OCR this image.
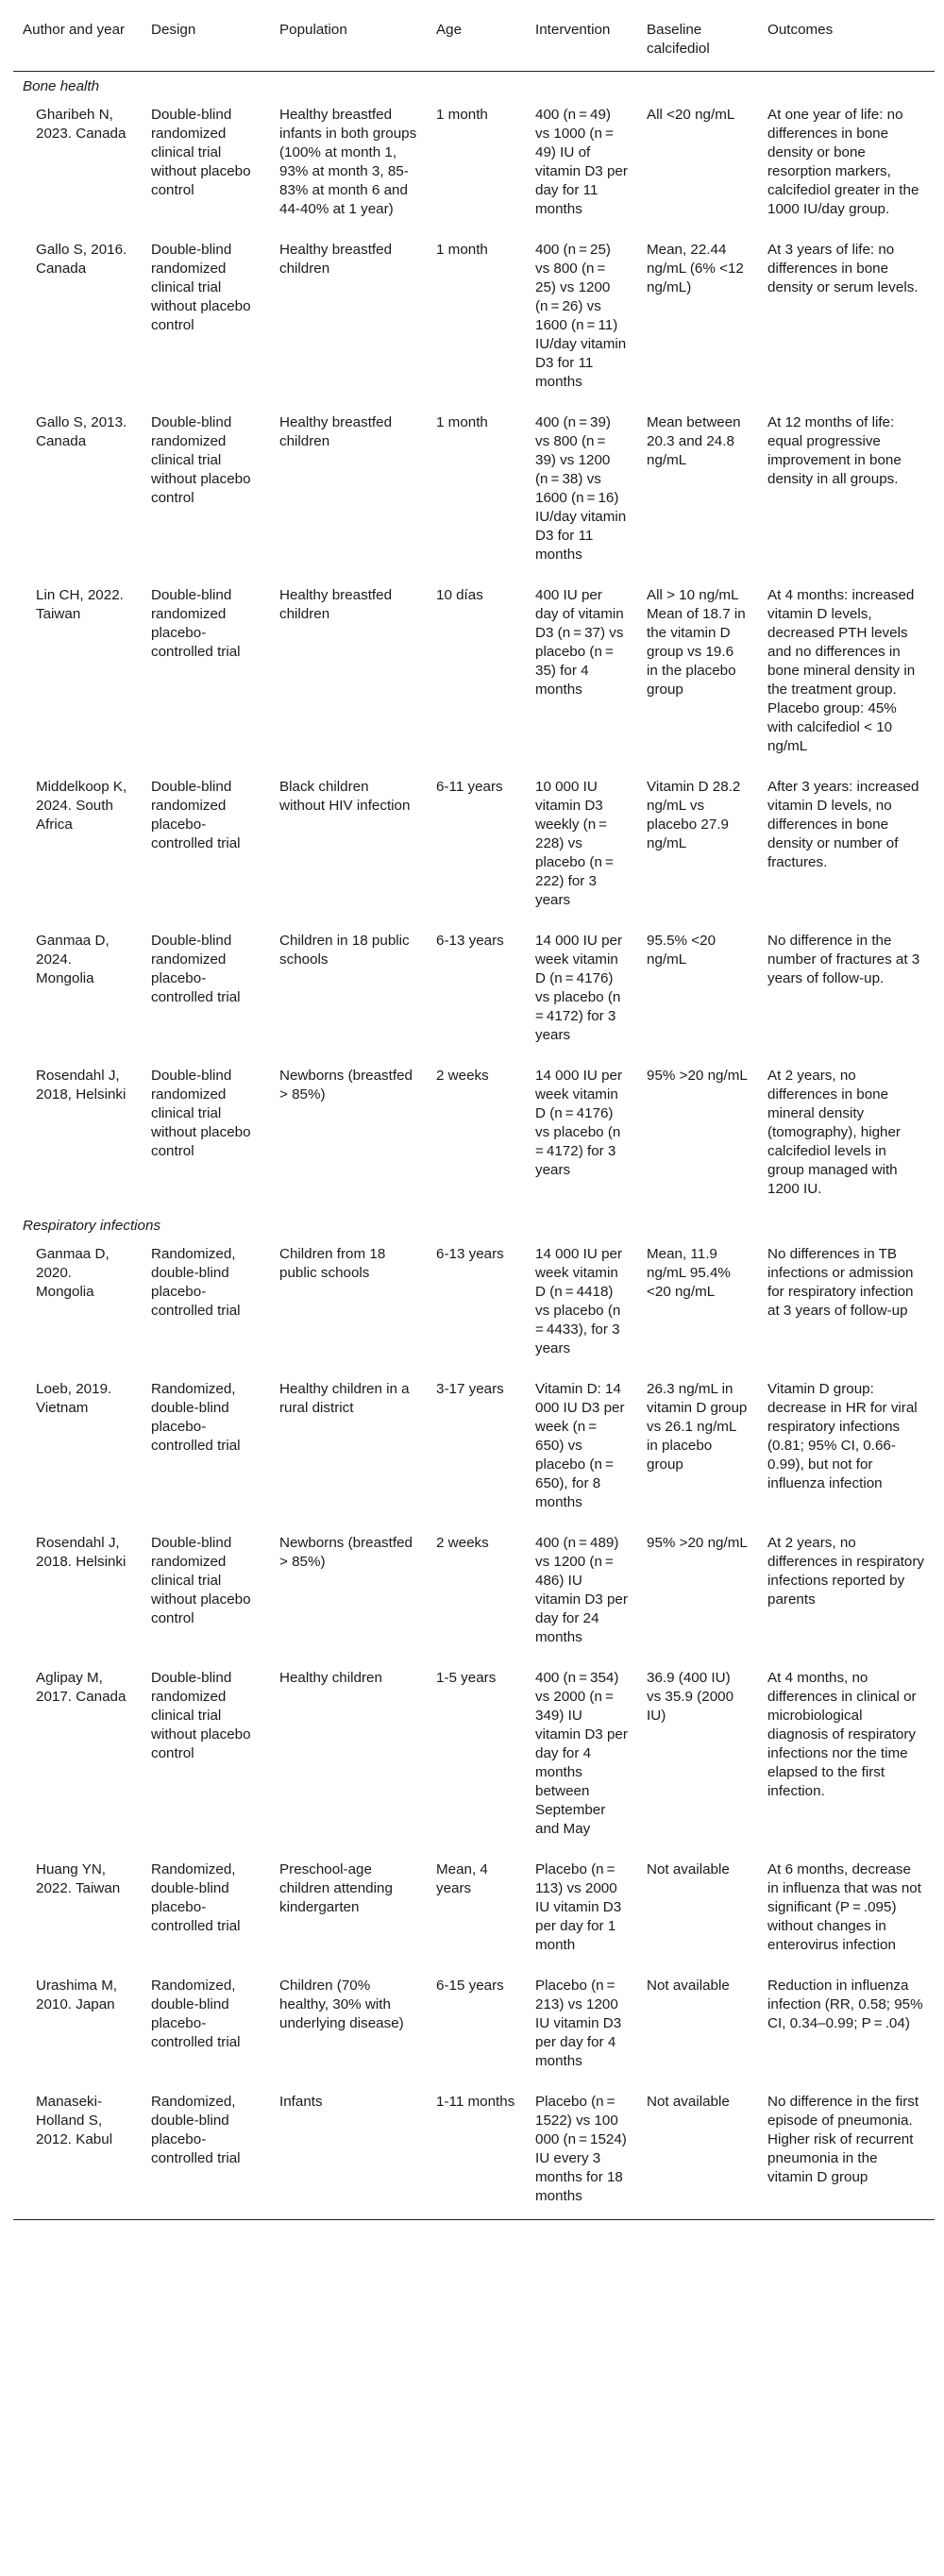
Author and year	Design	Population	Age	Intervention	Baseline calcifediol	Outcomes
Bone health						
Gharibeh N, 2023. Canada	Double-blind randomized clinical trial without placebo control	Healthy breastfed infants in both groups (100% at month 1, 93% at month 3, 85-83% at month 6 and 44-40% at 1 year)	1 month	400 (n = 49) vs 1000 (n = 49) IU of vitamin D3 per day for 11 months	All <20 ng/mL	At one year of life: no differences in bone density or bone resorption markers, calcifediol greater in the 1000 IU/day group.
Gallo S, 2016. Canada	Double-blind randomized clinical trial without placebo control	Healthy breastfed children	1 month	400 (n = 25) vs 800 (n = 25) vs 1200 (n = 26) vs 1600 (n = 11) IU/day vitamin D3 for 11 months	Mean, 22.44 ng/mL (6% <12 ng/mL)	At 3 years of life: no differences in bone density or serum levels.
Gallo S, 2013. Canada	Double-blind randomized clinical trial without placebo control	Healthy breastfed children	1 month	400 (n = 39) vs 800 (n = 39) vs 1200 (n = 38) vs 1600 (n = 16) IU/day vitamin D3 for 11 months	Mean between 20.3 and 24.8 ng/mL	At 12 months of life: equal progressive improvement in bone density in all groups.
Lin CH, 2022. Taiwan	Double-blind randomized placebo-controlled trial	Healthy breastfed children	10 días	400 IU per day of vitamin D3 (n = 37) vs placebo (n = 35) for 4 months	All > 10 ng/mL Mean of 18.7 in the vitamin D group vs 19.6 in the placebo group	At 4 months: increased vitamin D levels, decreased PTH levels and no differences in bone mineral density in the treatment group. Placebo group: 45% with calcifediol < 10 ng/mL
Middelkoop K, 2024. South Africa	Double-blind randomized placebo-controlled trial	Black children without HIV infection	6-11 years	10 000 IU vitamin D3 weekly (n = 228) vs placebo (n = 222) for 3 years	Vitamin D 28.2 ng/mL vs placebo 27.9 ng/mL	After 3 years: increased vitamin D levels, no differences in bone density or number of fractures.
Ganmaa D, 2024. Mongolia	Double-blind randomized placebo-controlled trial	Children in 18 public schools	6-13 years	14 000 IU per week vitamin D (n = 4176) vs placebo (n = 4172) for 3 years	95.5% <20 ng/mL	No difference in the number of fractures at 3 years of follow-up.
Rosendahl J, 2018, Helsinki	Double-blind randomized clinical trial without placebo control	Newborns (breastfed > 85%)	2 weeks	14 000 IU per week vitamin D (n = 4176) vs placebo (n = 4172) for 3 years	95% >20 ng/mL	At 2 years, no differences in bone mineral density (tomography), higher calcifediol levels in group managed with 1200 IU.
Respiratory infections						
Ganmaa D, 2020. Mongolia	Randomized, double-blind placebo-controlled trial	Children from 18 public schools	6-13 years	14 000 IU per week vitamin D (n = 4418) vs placebo (n = 4433), for 3 years	Mean, 11.9 ng/mL 95.4% <20 ng/mL	No differences in TB infections or admission for respiratory infection at 3 years of follow-up
Loeb, 2019. Vietnam	Randomized, double-blind placebo-controlled trial	Healthy children in a rural district	3-17 years	Vitamin D: 14 000 IU D3 per week (n = 650) vs placebo (n = 650), for 8 months	26.3 ng/mL in vitamin D group vs 26.1 ng/mL in placebo group	Vitamin D group: decrease in HR for viral respiratory infections (0.81; 95% CI, 0.66-0.99), but not for influenza infection
Rosendahl J, 2018. Helsinki	Double-blind randomized clinical trial without placebo control	Newborns (breastfed > 85%)	2 weeks	400 (n = 489) vs 1200 (n = 486) IU vitamin D3 per day for 24 months	95% >20 ng/mL	At 2 years, no differences in respiratory infections reported by parents
Aglipay M, 2017. Canada	Double-blind randomized clinical trial without placebo control	Healthy children	1-5 years	400 (n = 354) vs 2000 (n = 349) IU vitamin D3 per day for 4 months between September and May	36.9 (400 IU) vs 35.9 (2000 IU)	At 4 months, no differences in clinical or microbiological diagnosis of respiratory infections nor the time elapsed to the first infection.
Huang YN, 2022. Taiwan	Randomized, double-blind placebo-controlled trial	Preschool-age children attending kindergarten	Mean, 4 years	Placebo (n = 113) vs 2000 IU vitamin D3 per day for 1 month	Not available	At 6 months, decrease in influenza that was not significant (P = .095) without changes in enterovirus infection
Urashima M, 2010. Japan	Randomized, double-blind placebo-controlled trial	Children (70% healthy, 30% with underlying disease)	6-15 years	Placebo (n = 213) vs 1200 IU vitamin D3 per day for 4 months	Not available	Reduction in influenza infection (RR, 0.58; 95% CI, 0.34–0.99; P = .04)
Manaseki-Holland S, 2012. Kabul	Randomized, double-blind placebo-controlled trial	Infants	1-11 months	Placebo (n = 1522) vs 100 000 (n = 1524) IU every 3 months for 18 months	Not available	No difference in the first episode of pneumonia. Higher risk of recurrent pneumonia in the vitamin D group
